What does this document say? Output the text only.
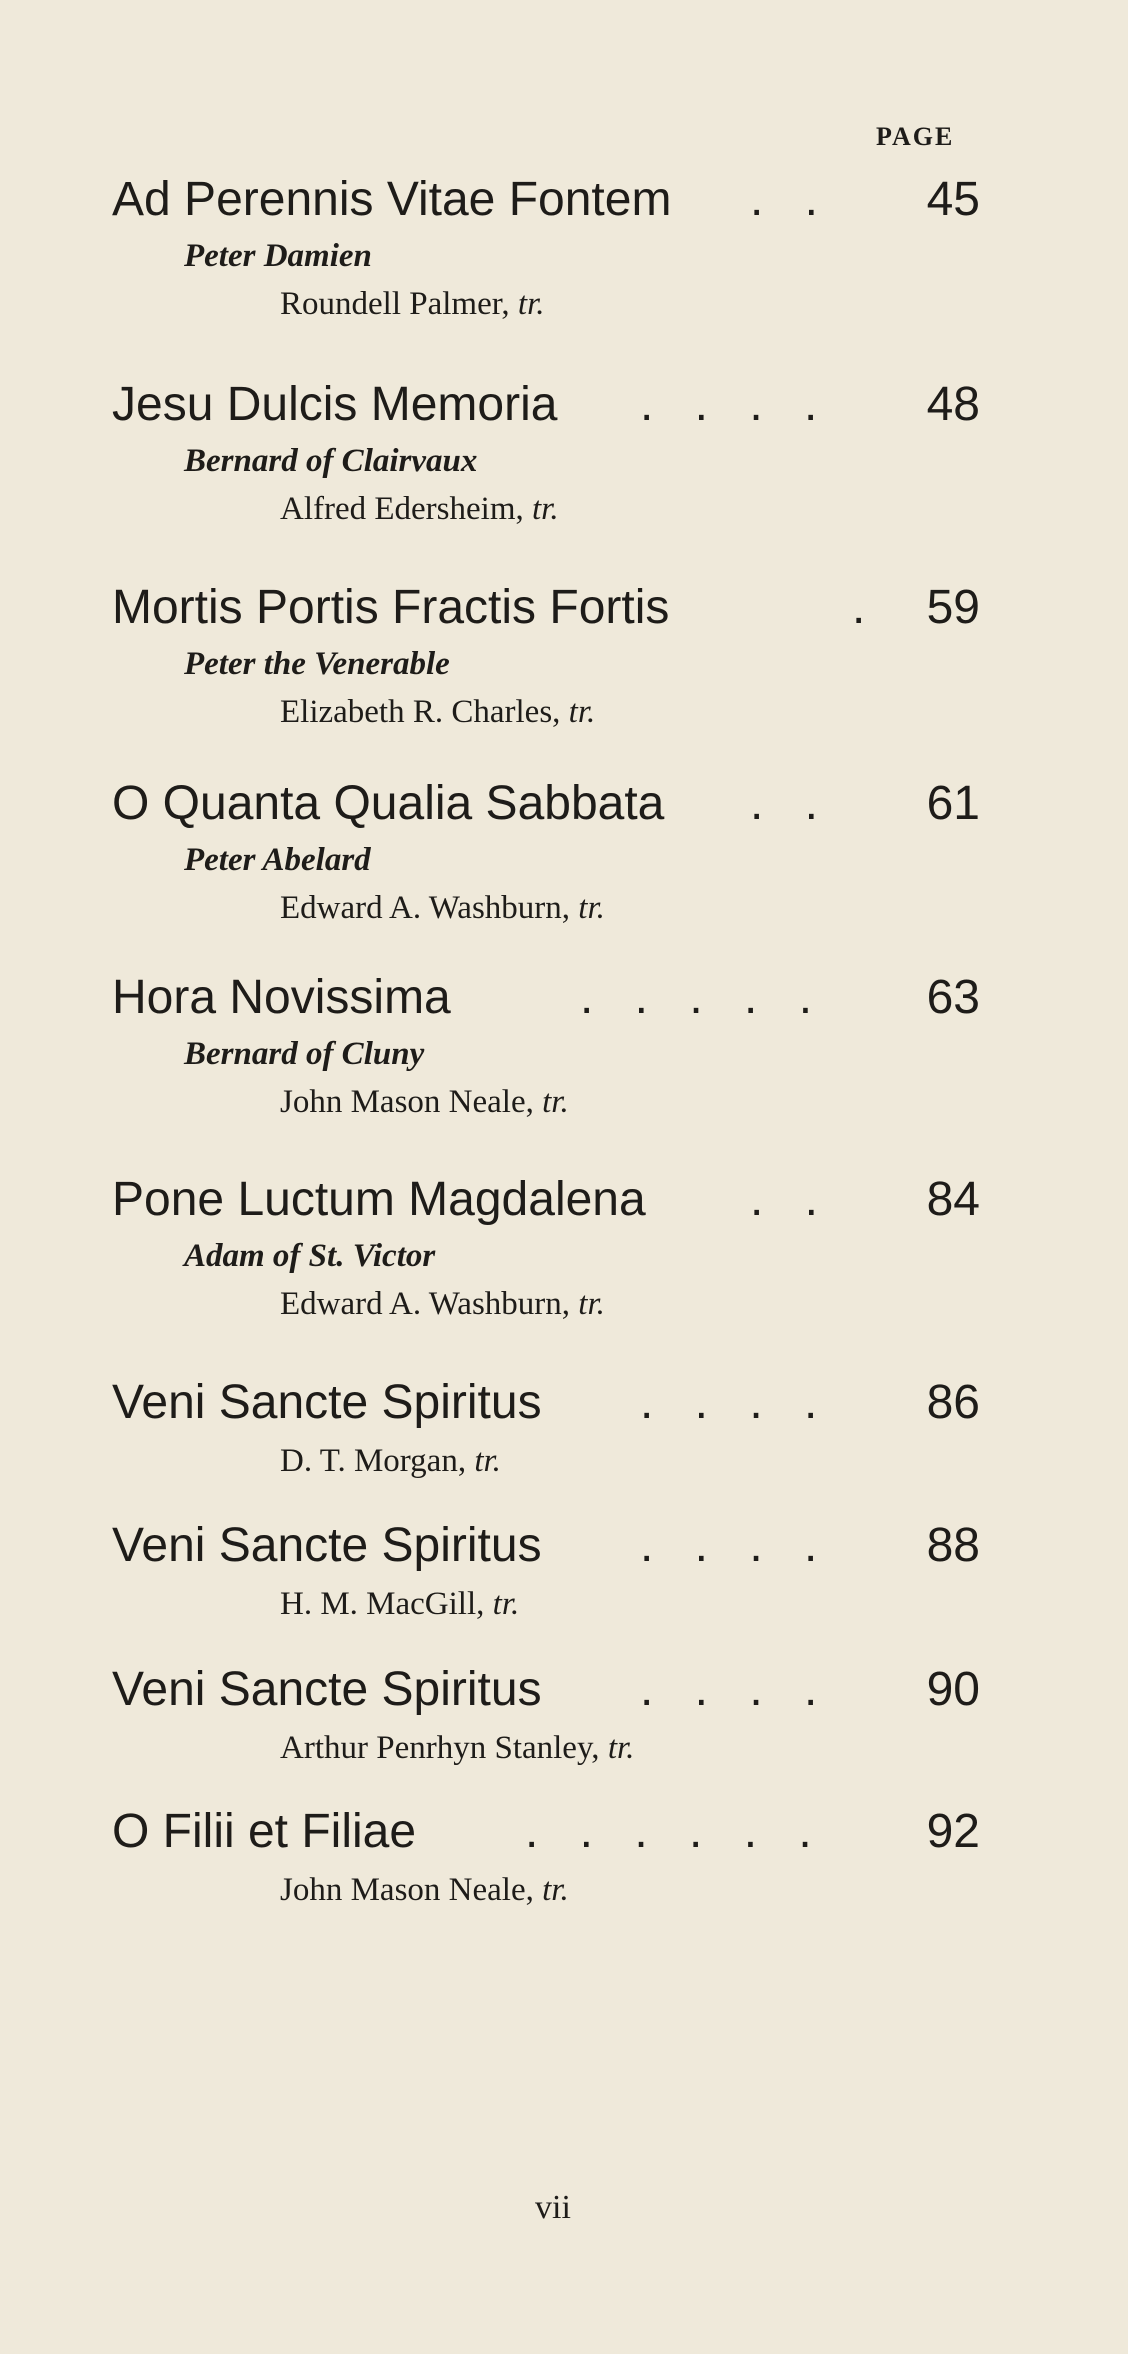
PAGE
Ad Perennis Vitae Fontem . . 45
Peter Damien
Roundell Palmer, tr.
Jesu Dulcis Memoria . . . . 48
Bernard of Clairvaux
Alfred Edersheim, tr.
Mortis Portis Fractis Fortis	. 59
Peter the Venerable
Elizabeth R. Charles, tr.
O Quanta Qualia Sabbata . . 61
Peter Abelard
Edward A. Washburn, tr.
Hora Novissima	. . . . . 63
Bernard of Cluny
John Mason Neale, tr.
Pone Luctum Magdalena . . 84
Adam of St. Victor
Edward A. Washburn, tr.
Veni Sancte Spiritus . . . . 86
D. T. Morgan, tr.
Veni Sancte Spiritus . . . . 88
H. M. MacGill, tr.
Veni Sancte Spiritus . . . . 90
Arthur Penrhyn Stanley, tr.
O Filii et Filiae . . . . . . 92
John Mason Neale, tr.
vii
